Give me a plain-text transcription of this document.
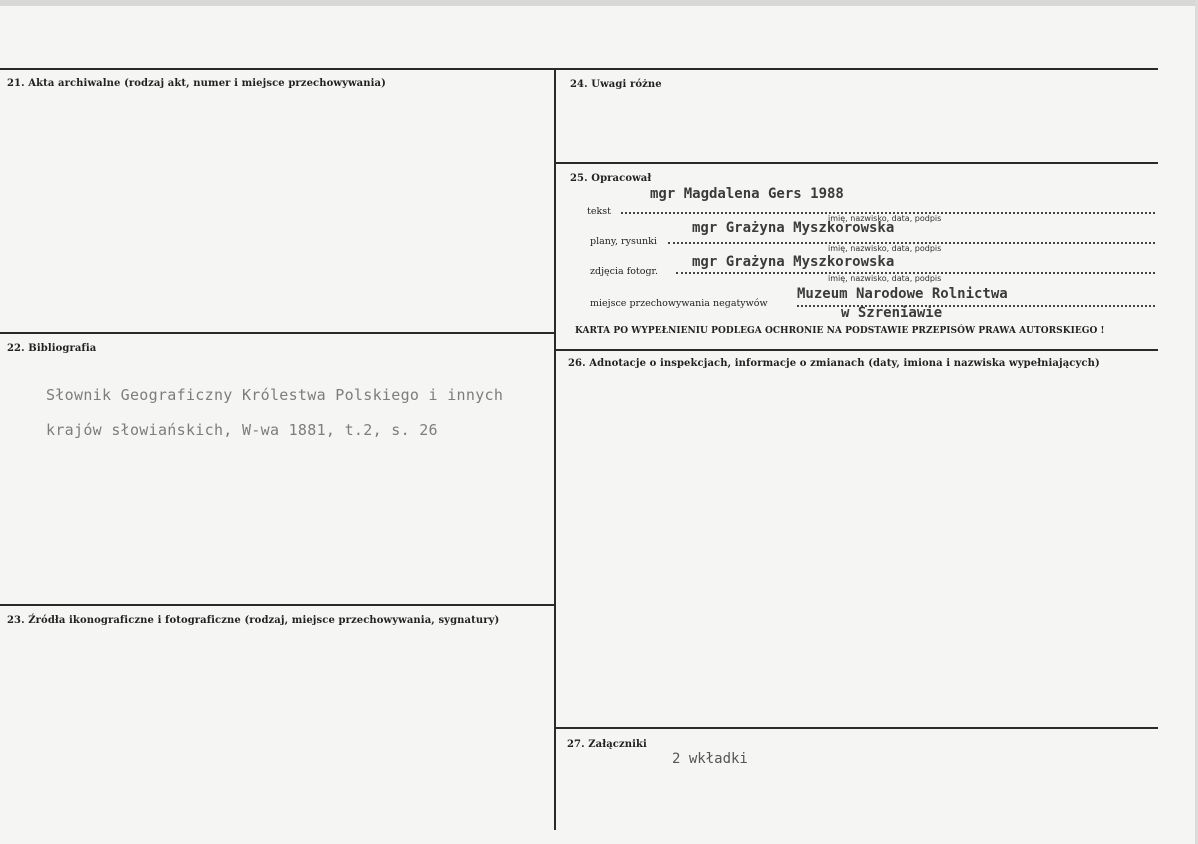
21. Akta archiwalne (rodzaj akt, numer i miejsce przechowywania)
22. Bibliografia
Słownik Geograficzny Królestwa Polskiego i innych
krajów słowiańskich, W-wa 1881, t.2, s. 26
23. Źródła ikonograficzne i fotograficzne (rodzaj, miejsce przechowywania, sygnatury)
24. Uwagi różne
25. Opracował
tekst
mgr Magdalena Gers 1988
imię, nazwisko, data, podpis
plany, rysunki
mgr Grażyna Myszkorowska
imię, nazwisko, data, podpis
zdjęcia fotogr.
mgr Grażyna Myszkorowska
imię, nazwisko, data, podpis
miejsce przechowywania negatywów
Muzeum Narodowe Rolnictwa
w Szreniawie
KARTA PO WYPEŁNIENIU PODLEGA OCHRONIE NA PODSTAWIE PRZEPISÓW PRAWA AUTORSKIEGO !
26. Adnotacje o inspekcjach, informacje o zmianach (daty, imiona i nazwiska wypełniających)
27. Załączniki
2 wkładki
